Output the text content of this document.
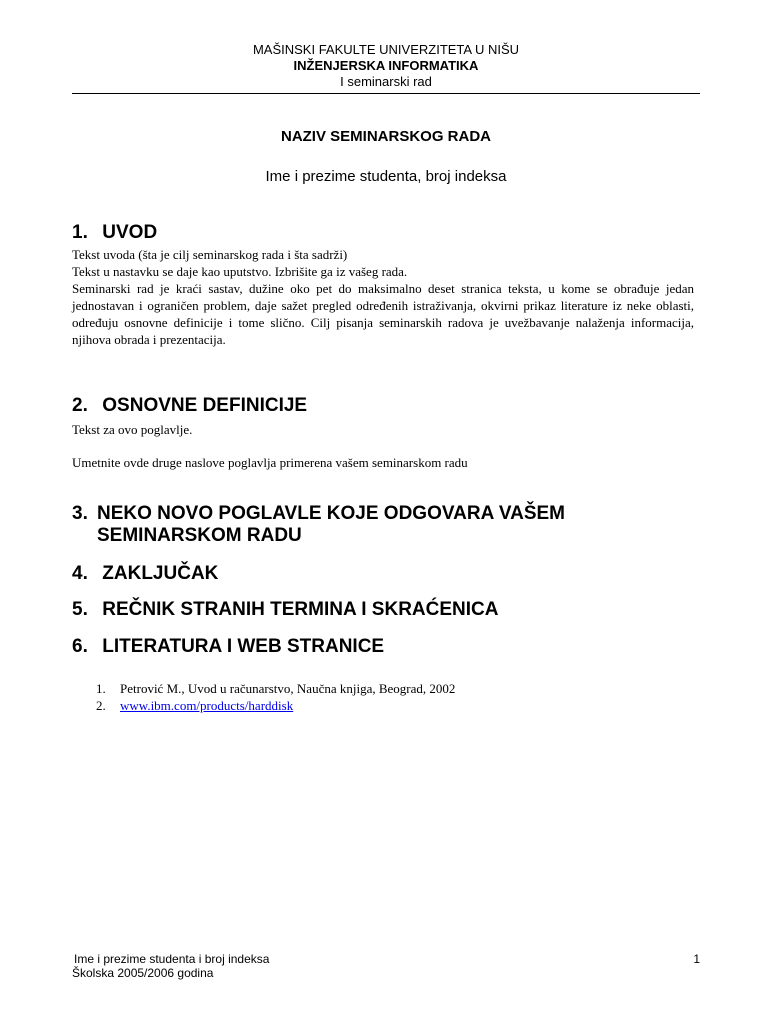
MAŠINSKI FAKULTE UNIVERZITETA U NIŠU
INŽENJERSKA INFORMATIKA
I seminarski rad
NAZIV SEMINARSKOG RADA
Ime i prezime studenta, broj indeksa
1. UVOD

Tekst uvoda (šta je cilj seminarskog rada i šta sadrži)

Tekst u nastavku se daje kao uputstvo. Izbrišite ga iz vašeg rada.

Seminarski rad je kraći sastav, dužine oko pet do maksimalno deset stranica teksta, u kome se obrađuje jedan jednostavan i ograničen problem, daje sažet pregled određenih istraživanja, okvirni prikaz literature iz neke oblasti, određuju osnovne definicije i tome slično. Cilj pisanja seminarskih radova je uvežbavanje nalaženja informacija, njihova obrada i prezentacija.

2. OSNOVNE DEFINICIJE

Tekst za ovo poglavlje.

Umetnite ovde druge naslove poglavlja primerena vašem seminarskom radu

3. NEKO NOVO POGLAVLE KOJE ODGOVARA VAŠEM SEMINARSKOM RADU
4. ZAKLJUČAK
5. REČNIK STRANIH TERMINA I SKRAĆENICA
6. LITERATURA I WEB STRANICE
1.	Petrović M., Uvod u računarstvo, Naučna knjiga, Beograd, 2002
2.	www.ibm.com/products/harddisk
Ime i prezime studenta i broj indeksa
Školska 2005/2006 godina
1
